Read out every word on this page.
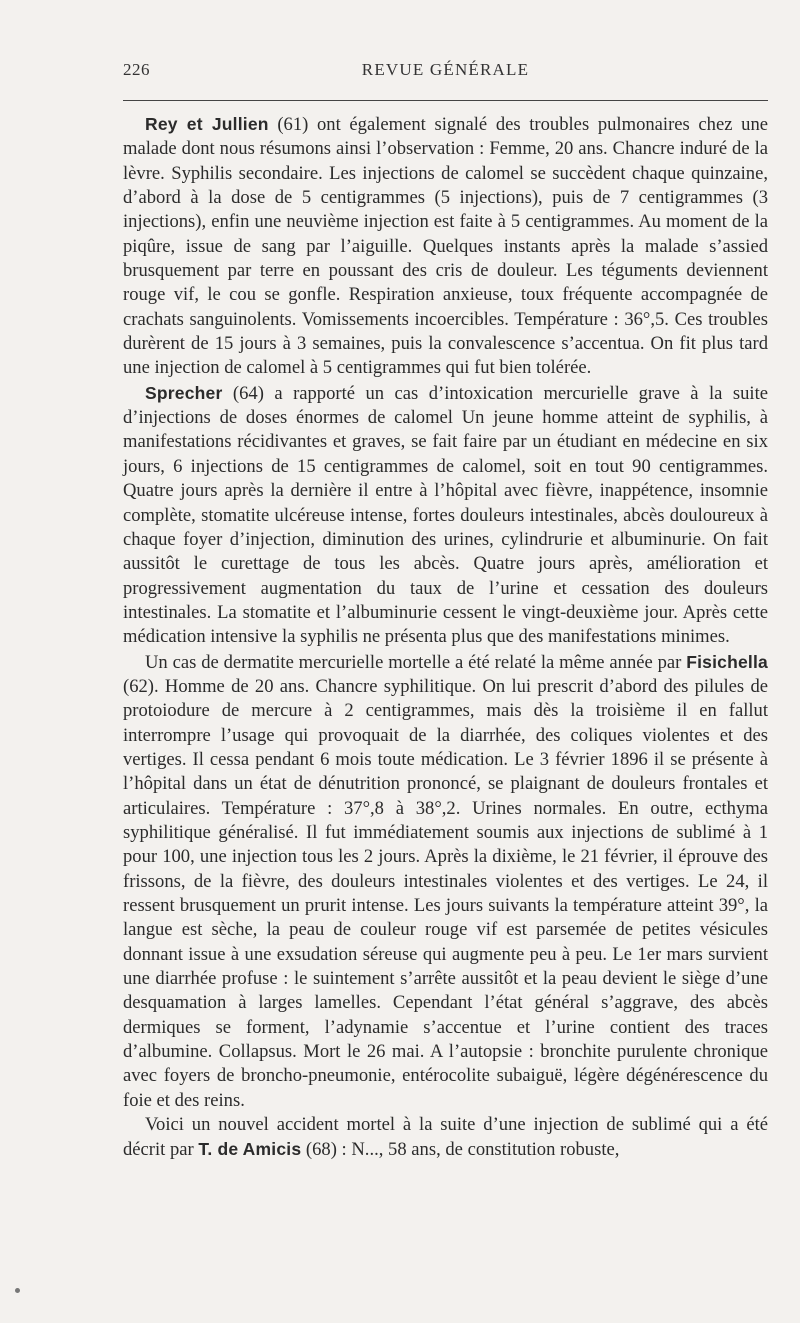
226	REVUE GÉNÉRALE

Rey et Jullien (61) ont également signalé des troubles pulmonaires chez une malade dont nous résumons ainsi l’observation : Femme, 20 ans. Chancre induré de la lèvre. Syphilis secondaire. Les injections de calomel se succèdent chaque quinzaine, d’abord à la dose de 5 centigrammes (5 injections), puis de 7 centigrammes (3 injections), enfin une neuvième injection est faite à 5 centigrammes. Au moment de la piqûre, issue de sang par l’aiguille. Quelques instants après la malade s’assied brusquement par terre en poussant des cris de douleur. Les téguments deviennent rouge vif, le cou se gonfle. Respiration anxieuse, toux fréquente accompagnée de crachats sanguinolents. Vomissements incoercibles. Température : 36°,5. Ces troubles durèrent de 15 jours à 3 semaines, puis la convalescence s’accentua. On fit plus tard une injection de calomel à 5 centigrammes qui fut bien tolérée.

Sprecher (64) a rapporté un cas d’intoxication mercurielle grave à la suite d’injections de doses énormes de calomel Un jeune homme atteint de syphilis, à manifestations récidivantes et graves, se fait faire par un étudiant en médecine en six jours, 6 injections de 15 centigrammes de calomel, soit en tout 90 centigrammes. Quatre jours après la dernière il entre à l’hôpital avec fièvre, inappétence, insomnie complète, stomatite ulcéreuse intense, fortes douleurs intestinales, abcès douloureux à chaque foyer d’injection, diminution des urines, cylindrurie et albuminurie. On fait aussitôt le curettage de tous les abcès. Quatre jours après, amélioration et progressivement augmentation du taux de l’urine et cessation des douleurs intestinales. La stomatite et l’albuminurie cessent le vingt-deuxième jour. Après cette médication intensive la syphilis ne présenta plus que des manifestations minimes.

Un cas de dermatite mercurielle mortelle a été relaté la même année par Fisichella (62). Homme de 20 ans. Chancre syphilitique. On lui prescrit d’abord des pilules de protoiodure de mercure à 2 centigrammes, mais dès la troisième il en fallut interrompre l’usage qui provoquait de la diarrhée, des coliques violentes et des vertiges. Il cessa pendant 6 mois toute médication. Le 3 février 1896 il se présente à l’hôpital dans un état de dénutrition prononcé, se plaignant de douleurs frontales et articulaires. Température : 37°,8 à 38°,2. Urines normales. En outre, ecthyma syphilitique généralisé. Il fut immédiatement soumis aux injections de sublimé à 1 pour 100, une injection tous les 2 jours. Après la dixième, le 21 février, il éprouve des frissons, de la fièvre, des douleurs intestinales violentes et des vertiges. Le 24, il ressent brusquement un prurit intense. Les jours suivants la température atteint 39°, la langue est sèche, la peau de couleur rouge vif est parsemée de petites vésicules donnant issue à une exsudation séreuse qui augmente peu à peu. Le 1er mars survient une diarrhée profuse : le suintement s’arrête aussitôt et la peau devient le siège d’une desquamation à larges lamelles. Cependant l’état général s’aggrave, des abcès dermiques se forment, l’adynamie s’accentue et l’urine contient des traces d’albumine. Collapsus. Mort le 26 mai. A l’autopsie : bronchite purulente chronique avec foyers de broncho-pneumonie, entérocolite subaiguë, légère dégénérescence du foie et des reins.

Voici un nouvel accident mortel à la suite d’une injection de sublimé qui a été décrit par T. de Amicis (68) : N..., 58 ans, de constitution robuste,
